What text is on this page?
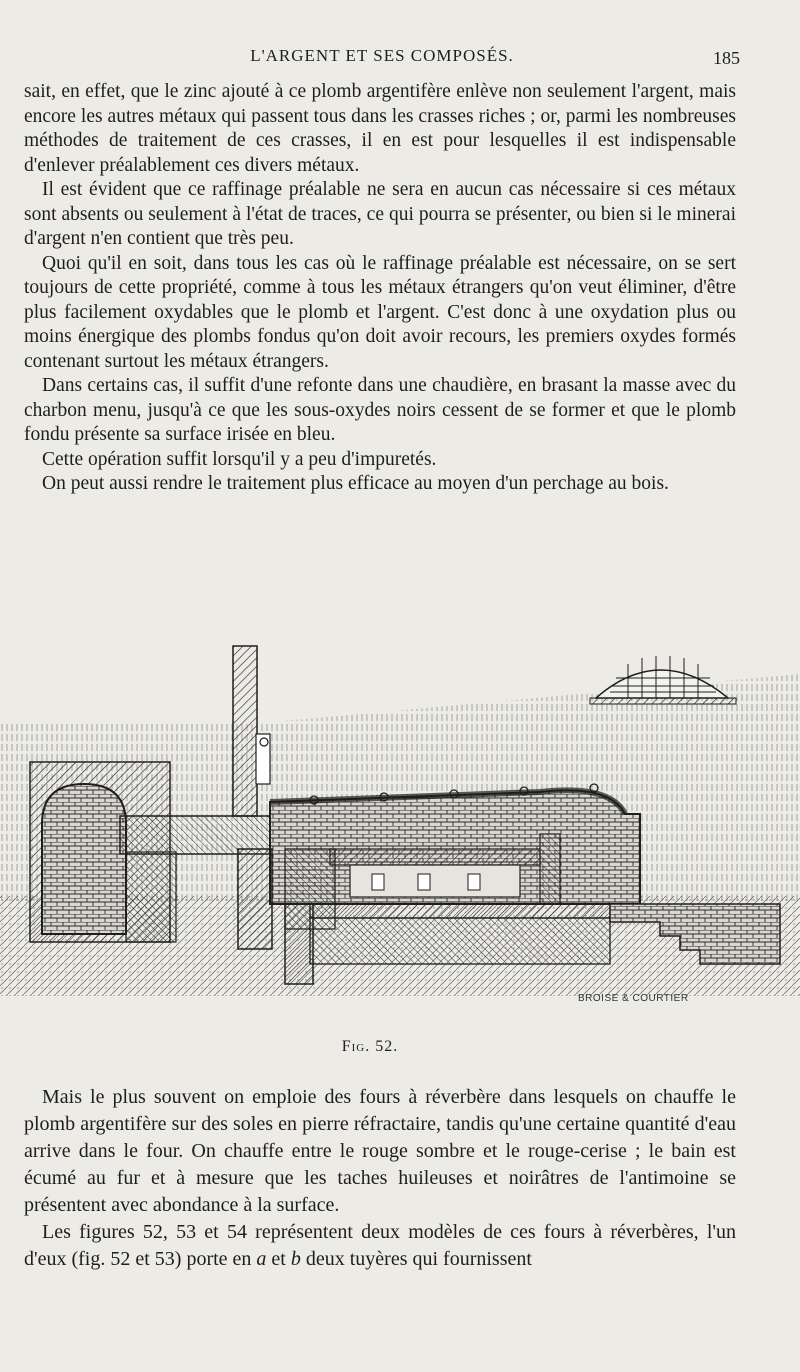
L'ARGENT ET SES COMPOSÉS.	185

sait, en effet, que le zinc ajouté à ce plomb argentifère enlève non seulement l'argent, mais encore les autres métaux qui passent tous dans les crasses riches ; or, parmi les nombreuses méthodes de traitement de ces crasses, il en est pour lesquelles il est indispensable d'enlever préalablement ces divers métaux.

Il est évident que ce raffinage préalable ne sera en aucun cas nécessaire si ces métaux sont absents ou seulement à l'état de traces, ce qui pourra se présenter, ou bien si le minerai d'argent n'en contient que très peu.

Quoi qu'il en soit, dans tous les cas où le raffinage préalable est nécessaire, on se sert toujours de cette propriété, comme à tous les métaux étrangers qu'on veut éliminer, d'être plus facilement oxydables que le plomb et l'argent. C'est donc à une oxydation plus ou moins énergique des plombs fondus qu'on doit avoir recours, les premiers oxydes formés contenant surtout les métaux étrangers.

Dans certains cas, il suffit d'une refonte dans une chaudière, en brasant la masse avec du charbon menu, jusqu'à ce que les sous-oxydes noirs cessent de se former et que le plomb fondu présente sa surface irisée en bleu.

Cette opération suffit lorsqu'il y a peu d'impuretés.

On peut aussi rendre le traitement plus efficace au moyen d'un perchage au bois.

BROISE & COURTIER
Fig. 52.

Mais le plus souvent on emploie des fours à réverbère dans lesquels on chauffe le plomb argentifère sur des soles en pierre réfractaire, tandis qu'une certaine quantité d'eau arrive dans le four. On chauffe entre le rouge sombre et le rouge-cerise ; le bain est écumé au fur et à mesure que les taches huileuses et noirâtres de l'antimoine se présentent avec abondance à la surface.

Les figures 52, 53 et 54 représentent deux modèles de ces fours à réverbères, l'un d'eux (fig. 52 et 53) porte en a et b deux tuyères qui fournissent
